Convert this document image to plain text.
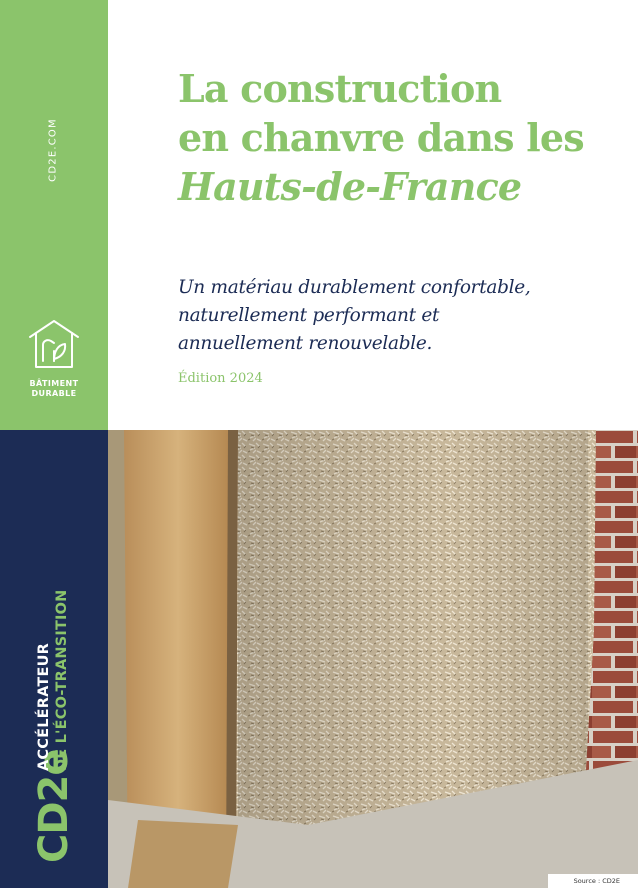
CD2E.COM
BÂTIMENT
DURABLE
CD2e
ACCÉLÉRATEUR DE L'ÉCO-TRANSITION
La construction
en chanvre dans les
Hauts-de-France

Un matériau durablement confortable,
naturellement performant et
annuellement renouvelable.

Édition 2024
Source : CD2E
